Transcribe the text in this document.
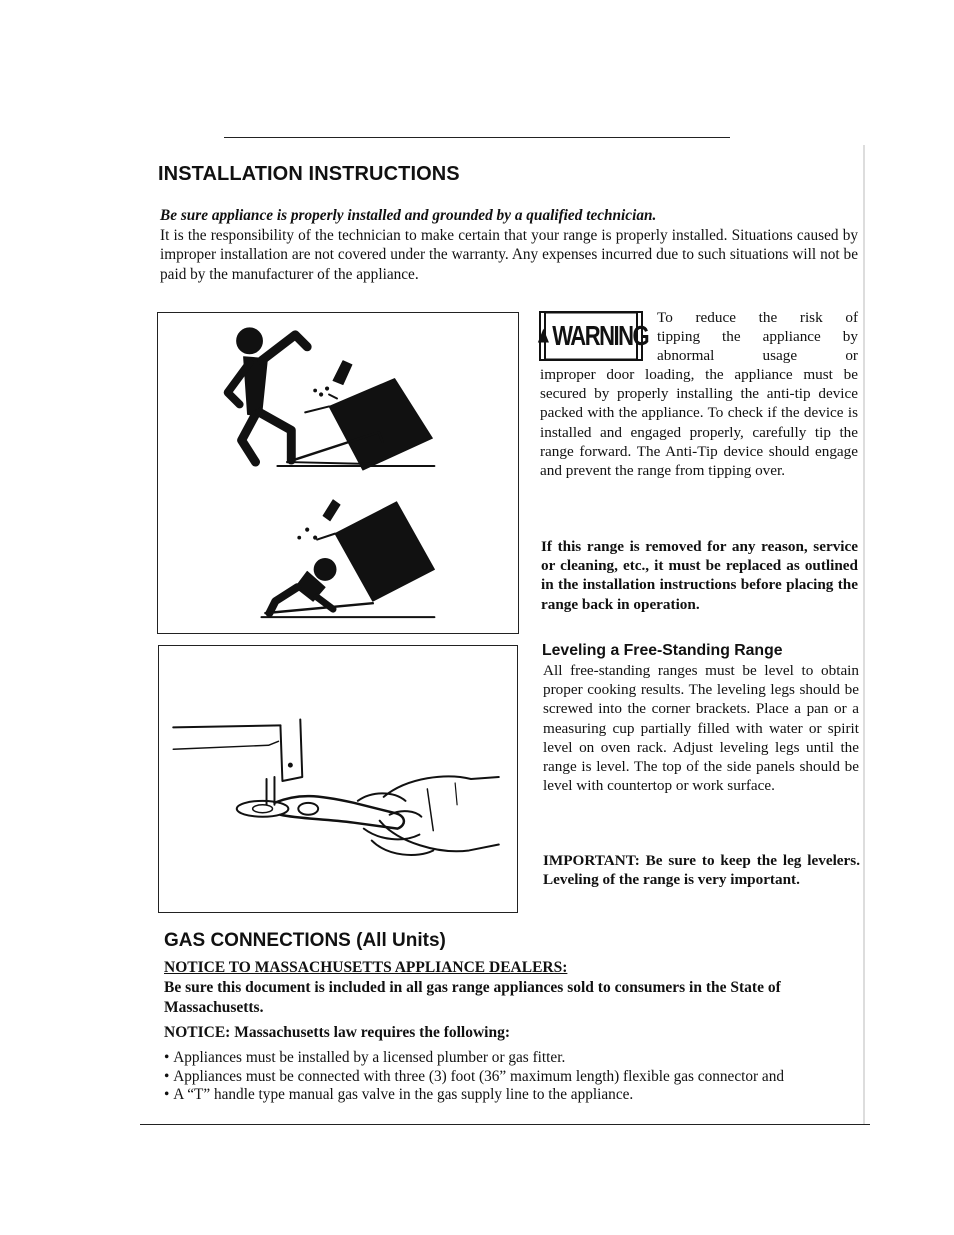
INSTALLATION INSTRUCTIONS
Be sure appliance is properly installed and grounded by a qualified technician.
It is the responsibility of the technician to make certain that your range is properly installed. Situations caused by improper installation are not covered under the warranty. Any expenses incurred due to such situations will not be paid by the manufacturer of the appliance.
▲ WARNING
To reduce the risk of
tipping the appliance by
abnormal usage or
improper door loading, the appliance must be secured by properly installing the anti-tip device packed with the appliance. To check if the device is installed and engaged properly, carefully tip the range forward. The Anti-Tip device should engage and prevent the range from tipping over.
If this range is removed for any reason, service or cleaning, etc., it must be replaced as outlined in the installation instructions before placing the range back in operation.
Leveling a Free-Standing Range
All free-standing ranges must be level to obtain proper cooking results. The leveling legs should be screwed into the corner brackets. Place a pan or a measuring cup partially filled with water or spirit level on oven rack. Adjust leveling legs until the range is level. The top of the side panels should be level with countertop or work surface.
IMPORTANT: Be sure to keep the leg levelers. Leveling of the range is very important.
GAS CONNECTIONS (All Units)
NOTICE TO MASSACHUSETTS APPLIANCE DEALERS:
Be sure this document is included in all gas range appliances sold to consumers in the State of Massachusetts.
NOTICE: Massachusetts law requires the following:
• Appliances must be installed by a licensed plumber or gas fitter.
• Appliances must be connected with three (3) foot (36” maximum length) flexible gas connector and
• A “T” handle type manual gas valve in the gas supply line to the appliance.
